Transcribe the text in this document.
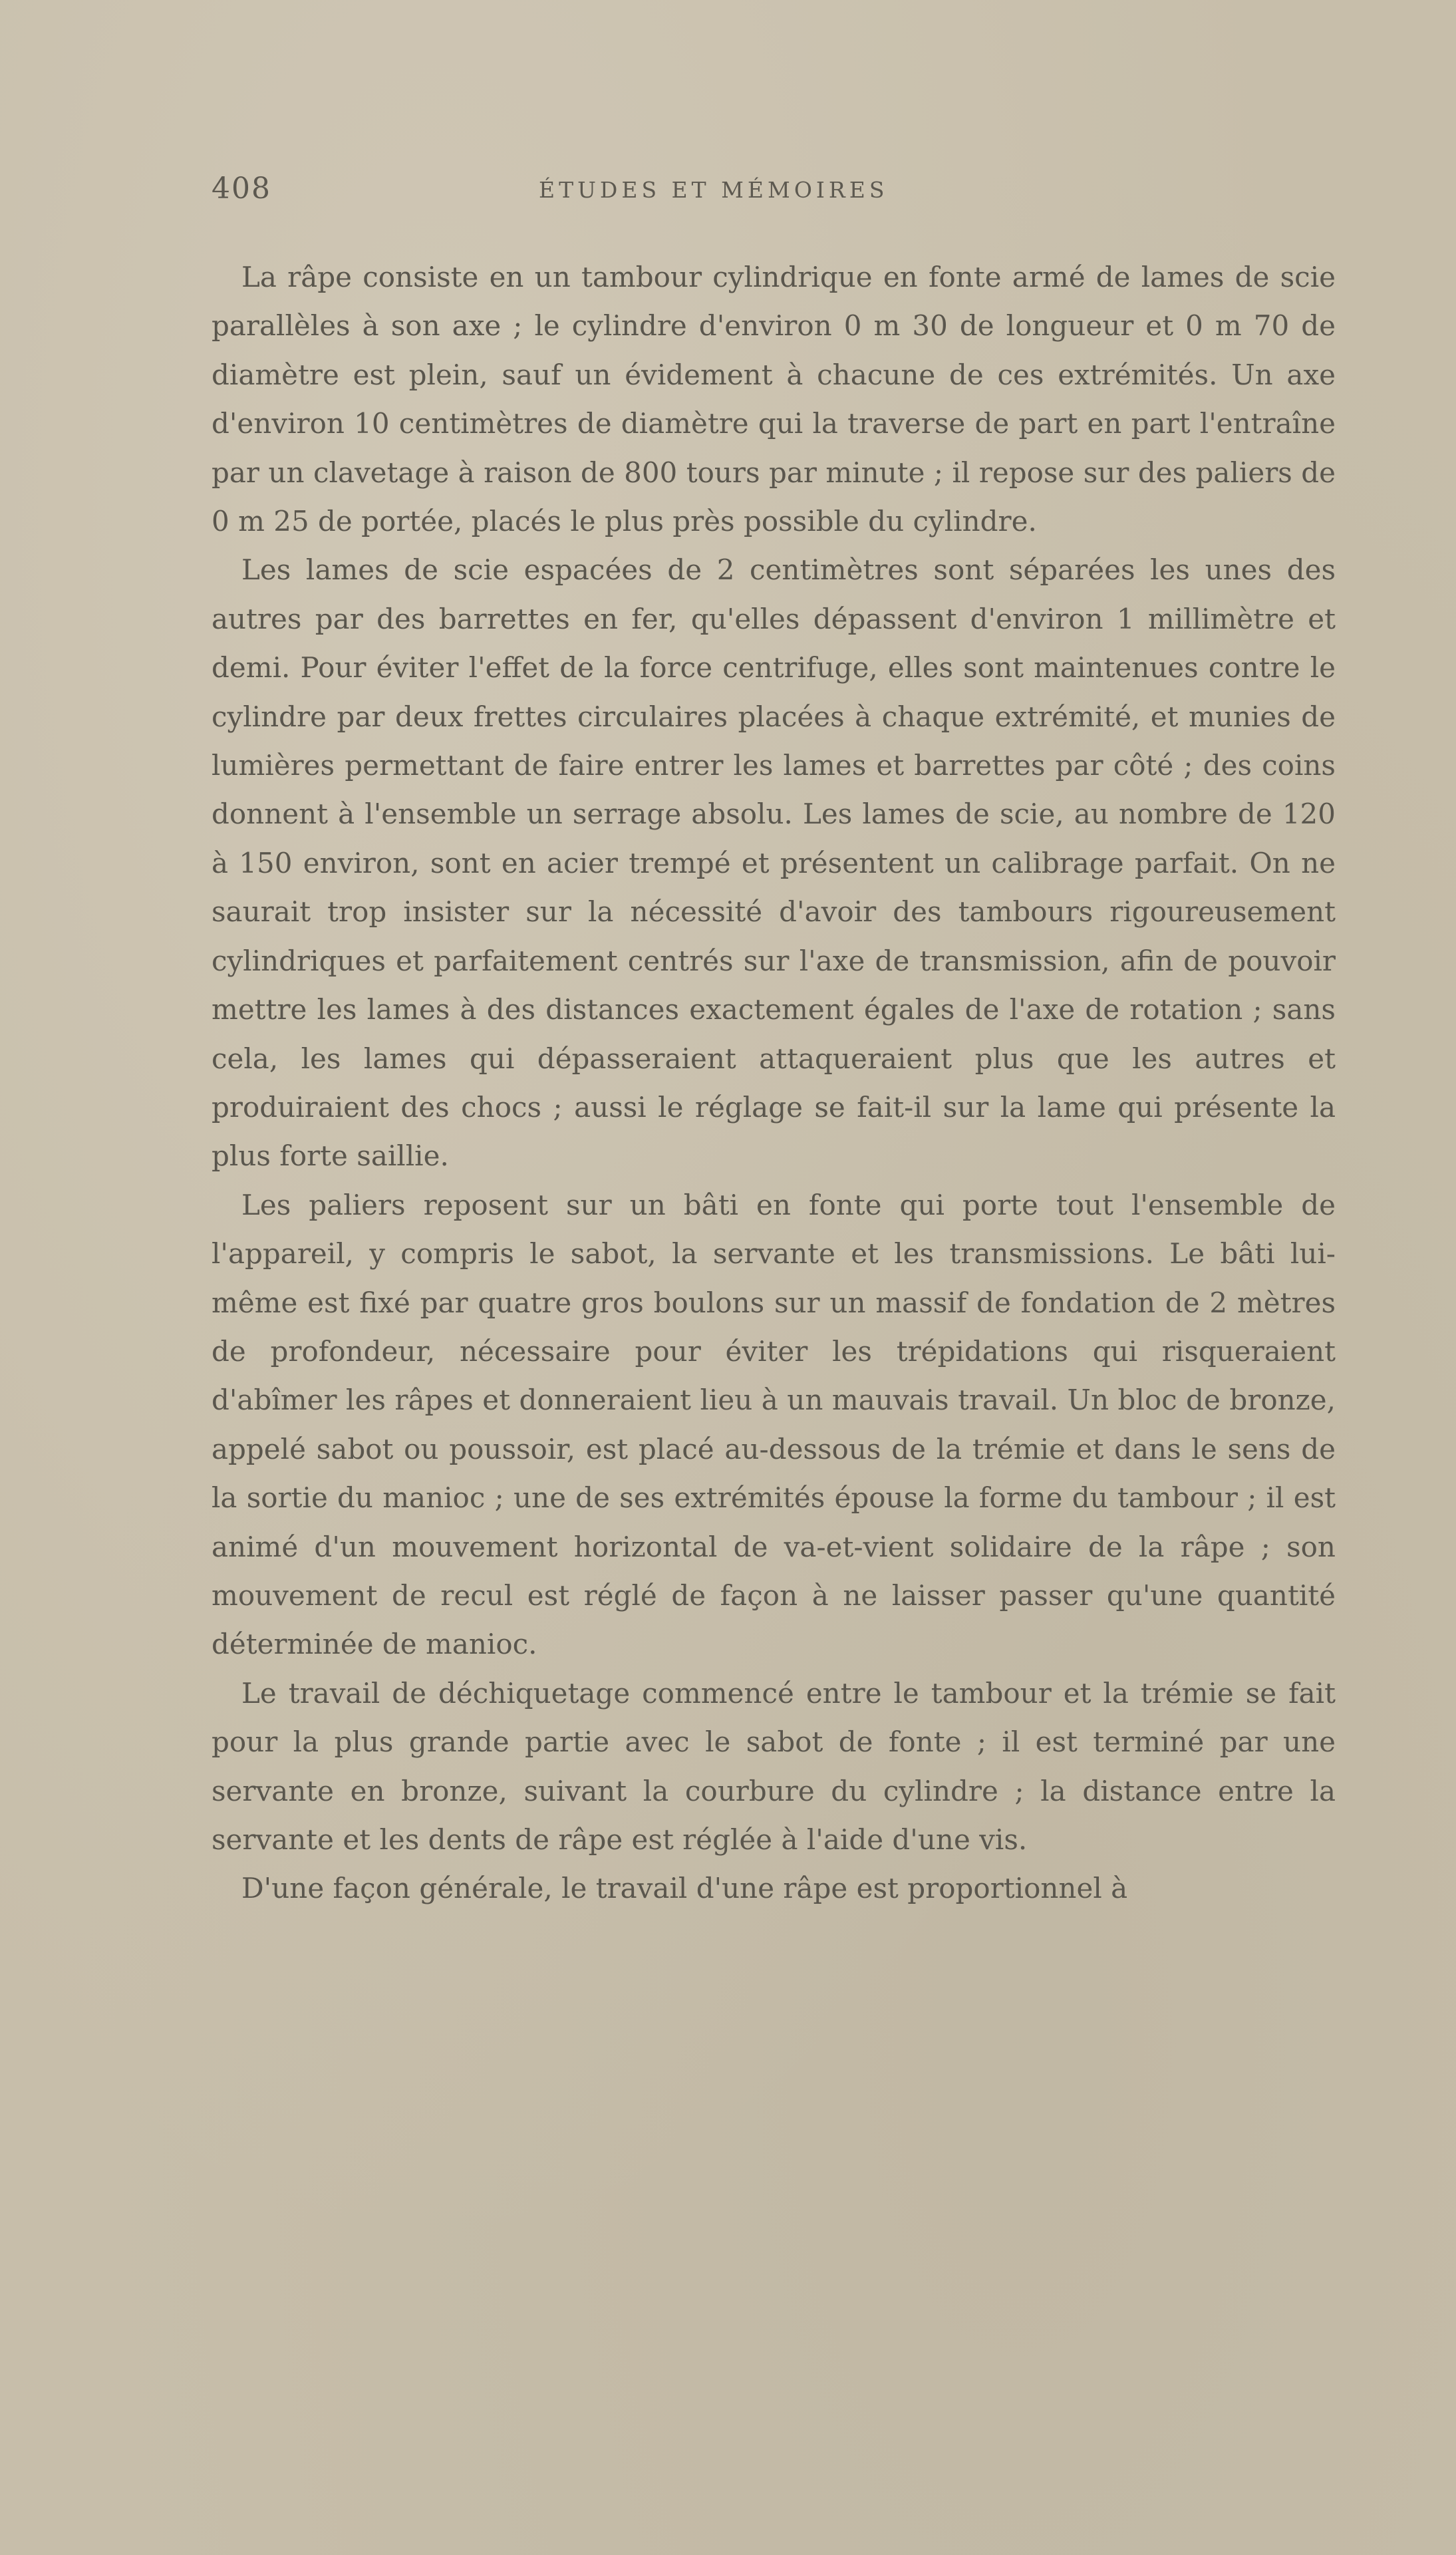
408	ÉTUDES ET MÉMOIRES

La râpe consiste en un tambour cylindrique en fonte armé de lames de scie parallèles à son axe ; le cylindre d'environ 0 m 30 de longueur et 0 m 70 de diamètre est plein, sauf un évidement à chacune de ces extrémités. Un axe d'environ 10 centimètres de diamètre qui la traverse de part en part l'entraîne par un clavetage à raison de 800 tours par minute ; il repose sur des paliers de 0 m 25 de portée, placés le plus près possible du cylindre.

Les lames de scie espacées de 2 centimètres sont séparées les unes des autres par des barrettes en fer, qu'elles dépassent d'environ 1 millimètre et demi. Pour éviter l'effet de la force centrifuge, elles sont maintenues contre le cylindre par deux frettes circulaires placées à chaque extrémité, et munies de lumières permettant de faire entrer les lames et barrettes par côté ; des coins donnent à l'ensemble un serrage absolu. Les lames de scie, au nombre de 120 à 150 environ, sont en acier trempé et présentent un calibrage parfait. On ne saurait trop insister sur la nécessité d'avoir des tambours rigoureusement cylindriques et parfaitement centrés sur l'axe de transmission, afin de pouvoir mettre les lames à des distances exactement égales de l'axe de rotation ; sans cela, les lames qui dépasseraient attaqueraient plus que les autres et produiraient des chocs ; aussi le réglage se fait-il sur la lame qui présente la plus forte saillie.

Les paliers reposent sur un bâti en fonte qui porte tout l'ensemble de l'appareil, y compris le sabot, la servante et les transmissions. Le bâti lui-même est fixé par quatre gros boulons sur un massif de fondation de 2 mètres de profondeur, nécessaire pour éviter les trépidations qui risqueraient d'abîmer les râpes et donneraient lieu à un mauvais travail. Un bloc de bronze, appelé sabot ou poussoir, est placé au-dessous de la trémie et dans le sens de la sortie du manioc ; une de ses extrémités épouse la forme du tambour ; il est animé d'un mouvement horizontal de va-et-vient solidaire de la râpe ; son mouvement de recul est réglé de façon à ne laisser passer qu'une quantité déterminée de manioc.

Le travail de déchiquetage commencé entre le tambour et la trémie se fait pour la plus grande partie avec le sabot de fonte ; il est terminé par une servante en bronze, suivant la courbure du cylindre ; la distance entre la servante et les dents de râpe est réglée à l'aide d'une vis.

D'une façon générale, le travail d'une râpe est proportionnel à
